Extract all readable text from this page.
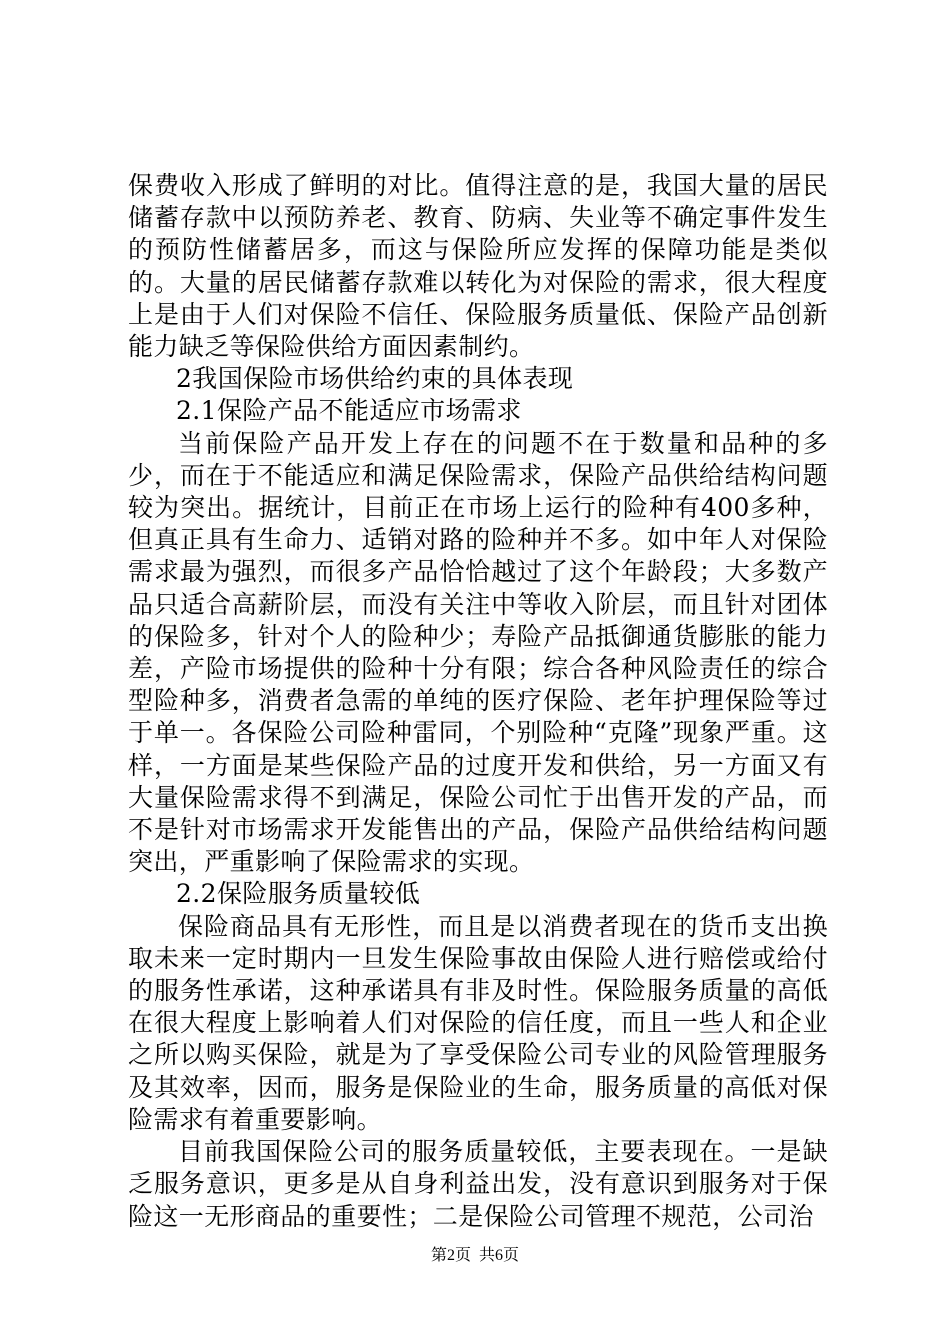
保费收入形成了鲜明的对比。值得注意的是，我国大量的居民储蓄存款中以预防养老、教育、防病、失业等不确定事件发生的预防性储蓄居多，而这与保险所应发挥的保障功能是类似的。大量的居民储蓄存款难以转化为对保险的需求，很大程度上是由于人们对保险不信任、保险服务质量低、保险产品创新能力缺乏等保险供给方面因素制约。

2我国保险市场供给约束的具体表现

2.1保险产品不能适应市场需求

当前保险产品开发上存在的问题不在于数量和品种的多少，而在于不能适应和满足保险需求，保险产品供给结构问题较为突出。据统计，目前正在市场上运行的险种有400多种，但真正具有生命力、适销对路的险种并不多。如中年人对保险需求最为强烈，而很多产品恰恰越过了这个年龄段；大多数产品只适合高薪阶层，而没有关注中等收入阶层，而且针对团体的保险多，针对个人的险种少；寿险产品抵御通货膨胀的能力差，产险市场提供的险种十分有限；综合各种风险责任的综合型险种多，消费者急需的单纯的医疗保险、老年护理保险等过于单一。各保险公司险种雷同，个别险种“克隆”现象严重。这样，一方面是某些保险产品的过度开发和供给，另一方面又有大量保险需求得不到满足，保险公司忙于出售开发的产品，而不是针对市场需求开发能售出的产品，保险产品供给结构问题突出，严重影响了保险需求的实现。

2.2保险服务质量较低

保险商品具有无形性，而且是以消费者现在的货币支出换取未来一定时期内一旦发生保险事故由保险人进行赔偿或给付的服务性承诺，这种承诺具有非及时性。保险服务质量的高低在很大程度上影响着人们对保险的信任度，而且一些人和企业之所以购买保险，就是为了享受保险公司专业的风险管理服务及其效率，因而，服务是保险业的生命，服务质量的高低对保险需求有着重要影响。

目前我国保险公司的服务质量较低，主要表现在。一是缺乏服务意识，更多是从自身利益出发，没有意识到服务对于保险这一无形商品的重要性；二是保险公司管理不规范，公司治

第2页 共6页
